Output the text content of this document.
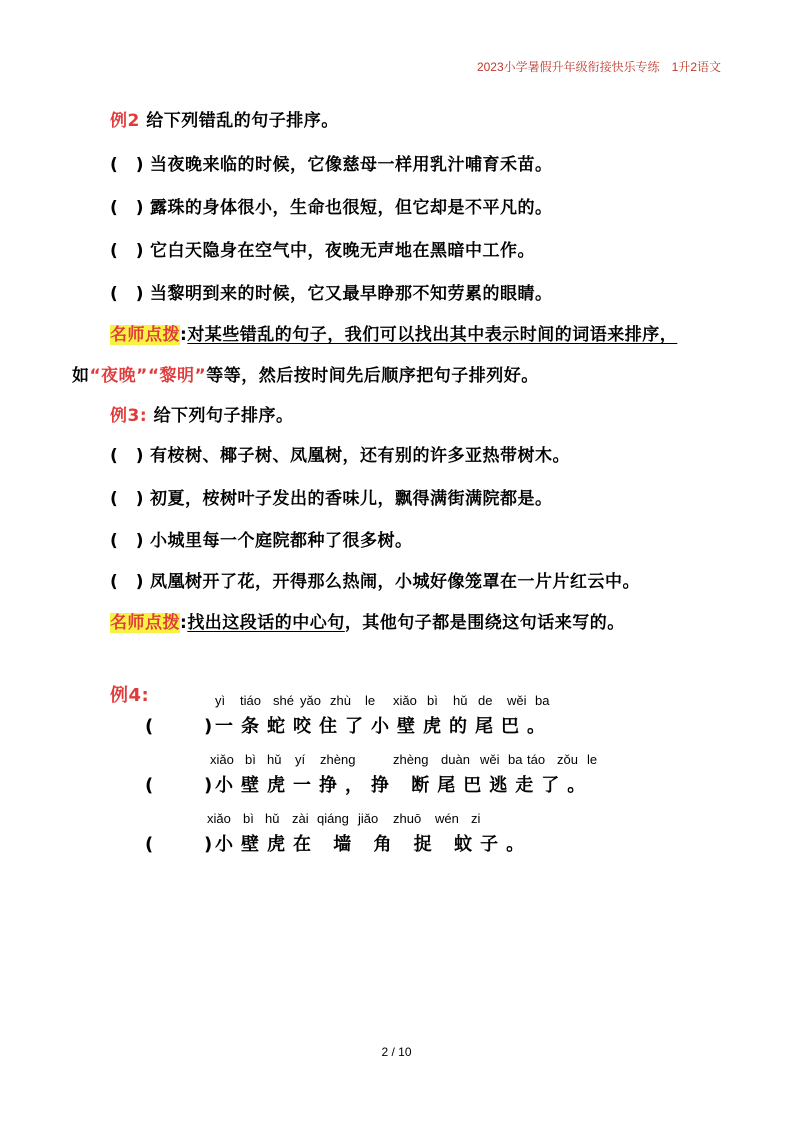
2023小学暑假升年级衔接快乐专练　1升2语文
例2 给下列错乱的句子排序。
(　) 当夜晚来临的时候，它像慈母一样用乳汁哺育禾苗。
(　) 露珠的身体很小，生命也很短，但它却是不平凡的。
(　) 它白天隐身在空气中，夜晚无声地在黑暗中工作。
(　) 当黎明到来的时候，它又最早睁那不知劳累的眼睛。
名师点拨:对某些错乱的句子，我们可以找出其中表示时间的词语来排序，
如“夜晚”“黎明”等等，然后按时间先后顺序把句子排列好。
例3: 给下列句子排序。
(　) 有桉树、椰子树、凤凰树，还有别的许多亚热带树木。
(　) 初夏，桉树叶子发出的香味儿，飘得满街满院都是。
(　) 小城里每一个庭院都种了很多树。
(　) 凤凰树开了花，开得那么热闹，小城好像笼罩在一片片红云中。
名师点拨:找出这段话的中心句，其他句子都是围绕这句话来写的。
例4:	yì tiáo shé yǎo zhù le xiǎo bì hǔ de wěi ba
(   )一条蛇咬住了小壁虎的尾巴。
xiǎo bì hǔ yí zhèng	zhèng duàn wěi ba táo zǒu le
(   )小壁虎一挣，挣 断尾巴逃走了。
xiǎo bì hǔ zài qiáng jiǎo zhuō wén zi
(   )小壁虎在 墙 角 捉 蚊子。
2 / 10
